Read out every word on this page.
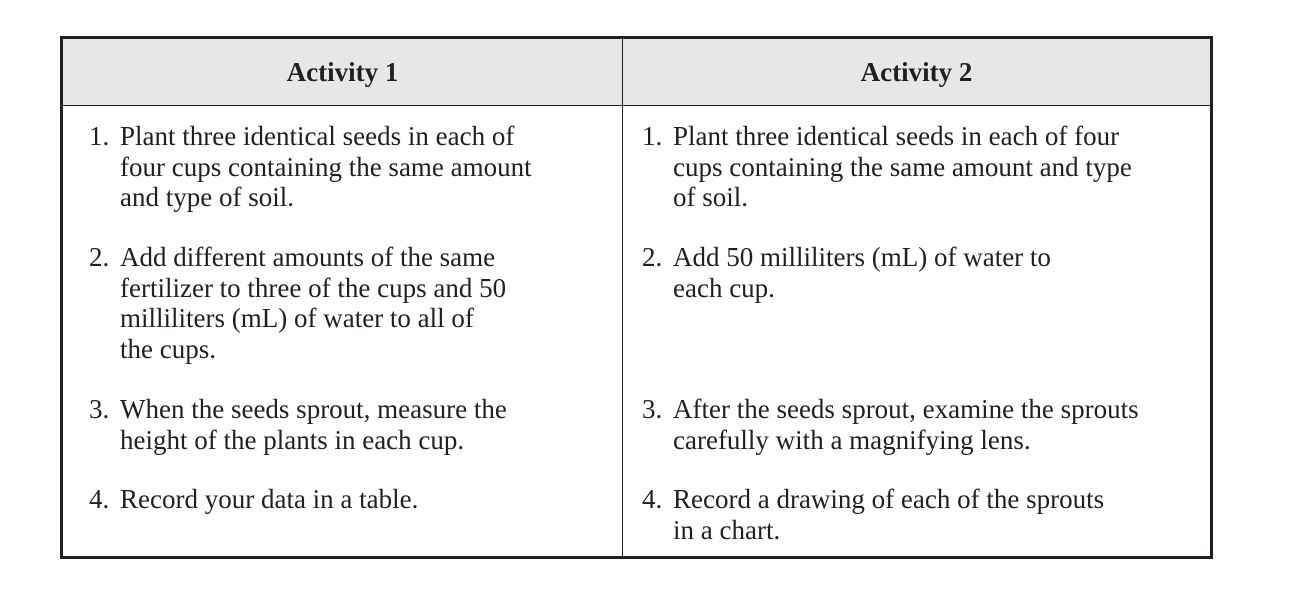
Activity 1	Activity 2
1. Plant three identical seeds in each of
four cups containing the same amount
and type of soil.
2. Add different amounts of the same
fertilizer to three of the cups and 50
milliliters (mL) of water to all of
the cups.
3. When the seeds sprout, measure the
height of the plants in each cup.
4. Record your data in a table.
1. Plant three identical seeds in each of four
cups containing the same amount and type
of soil.
2. Add 50 milliliters (mL) of water to
each cup.
3. After the seeds sprout, examine the sprouts
carefully with a magnifying lens.
4. Record a drawing of each of the sprouts
in a chart.
